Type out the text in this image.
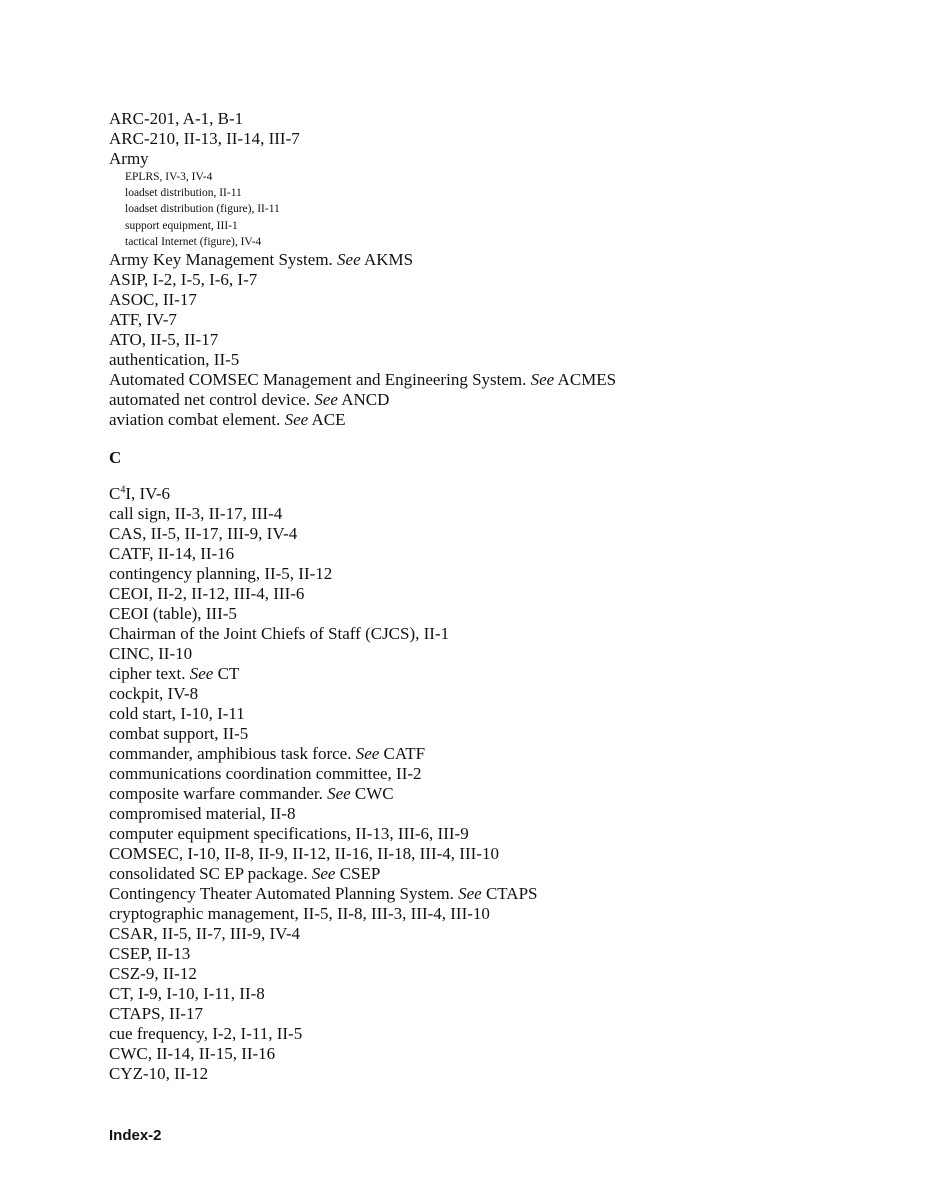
ARC-201, A-1, B-1
ARC-210, II-13, II-14, III-7
Army
EPLRS, IV-3, IV-4
loadset distribution, II-11
loadset distribution (figure), II-11
support equipment, III-1
tactical Internet (figure), IV-4
Army Key Management System. See AKMS
ASIP, I-2, I-5, I-6, I-7
ASOC, II-17
ATF, IV-7
ATO, II-5, II-17
authentication, II-5
Automated COMSEC Management and Engineering System. See ACMES
automated net control device. See ANCD
aviation combat element. See ACE
C
$C^4I$, IV-6
call sign, II-3, II-17, III-4
CAS, II-5, II-17, III-9, IV-4
CATF, II-14, II-16
contingency planning, II-5, II-12
CEOI, II-2, II-12, III-4, III-6
CEOI (table), III-5
Chairman of the Joint Chiefs of Staff (CJCS), II-1
CINC, II-10
cipher text. See CT
cockpit, IV-8
cold start, I-10, I-11
combat support, II-5
commander, amphibious task force. See CATF
communications coordination committee, II-2
composite warfare commander. See CWC
compromised material, II-8
computer equipment specifications, II-13, III-6, III-9
COMSEC, I-10, II-8, II-9, II-12, II-16, II-18, III-4, III-10
consolidated SC EP package. See CSEP
Contingency Theater Automated Planning System. See CTAPS
cryptographic management, II-5, II-8, III-3, III-4, III-10
CSAR, II-5, II-7, III-9, IV-4
CSEP, II-13
CSZ-9, II-12
CT, I-9, I-10, I-11, II-8
CTAPS, II-17
cue frequency, I-2, I-11, II-5
CWC, II-14, II-15, II-16
CYZ-10, II-12
Index-2
